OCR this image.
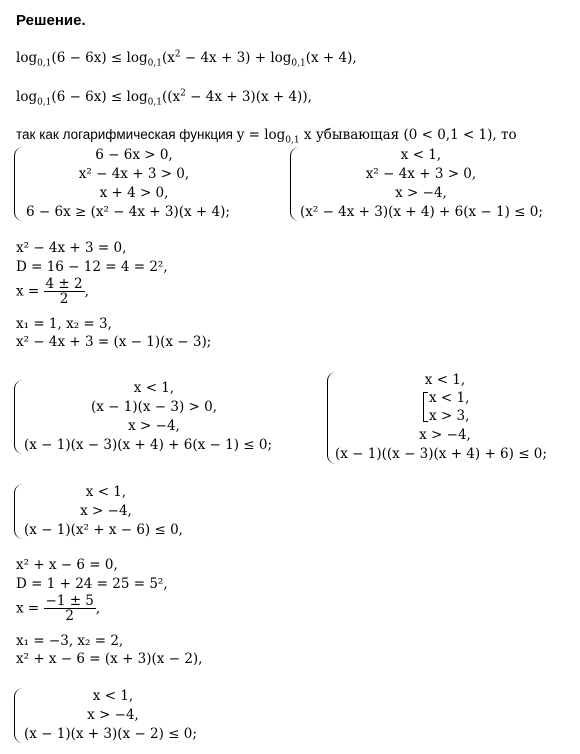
Решение.
$\log_{0,1}(6 - 6x) \le \log_{0,1}(x^2 - 4x + 3) + \log_{0,1}(x + 4)$,
$\log_{0,1}(6 - 6x) \le \log_{0,1}((x^2 - 4x + 3)(x + 4))$,
так как логарифмическая функция $y = \log_{0,1} x$ убывающая (0 < 0,1 < 1), то
6 − 6x > 0,
x² − 4x + 3 > 0,
x + 4 > 0,
6 − 6x ≥ (x² − 4x + 3)(x + 4);
x < 1,
x² − 4x + 3 > 0,
x > −4,
(x² − 4x + 3)(x + 4) + 6(x − 1) ≤ 0;
x² − 4x + 3 = 0,
D = 16 − 12 = 4 = 2²,
$x = \frac{4 \pm 2}{2}$ ,
x₁ = 1, x₂ = 3,
x² − 4x + 3 = (x − 1)(x − 3);
x < 1,
(x − 1)(x − 3) > 0,
x > −4,
(x − 1)(x − 3)(x + 4) + 6(x − 1) ≤ 0;
x < 1,
x < 1,
x > 3,
x > −4,
(x − 1)((x − 3)(x + 4) + 6) ≤ 0;
x < 1,
x > −4,
(x − 1)(x² + x − 6) ≤ 0,
x² + x − 6 = 0,
D = 1 + 24 = 25 = 5²,
$x = \frac{-1 \pm 5}{2}$ ,
x₁ = −3, x₂ = 2,
x² + x − 6 = (x + 3)(x − 2),
x < 1,
x > −4,
(x − 1)(x + 3)(x − 2) ≤ 0;
